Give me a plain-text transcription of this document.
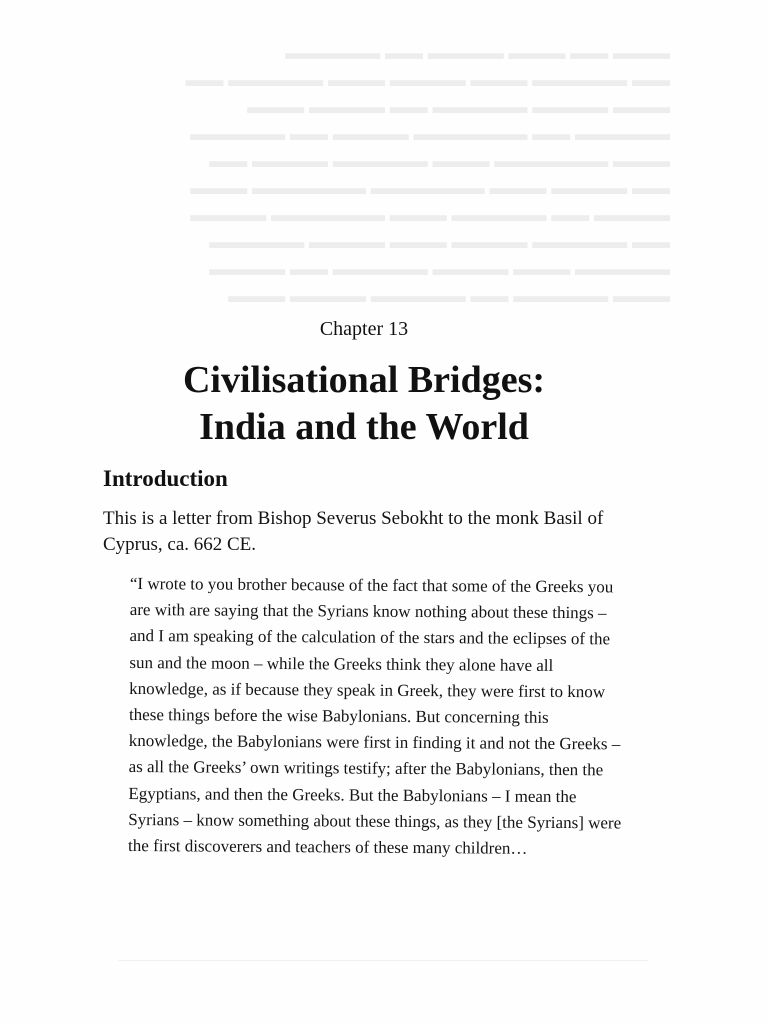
▬▬▬ ▬▬ ▬▬▬ ▬▬▬▬ ▬▬ ▬▬▬▬▬
▬▬ ▬▬▬▬▬ ▬▬▬ ▬▬▬▬ ▬▬▬ ▬▬▬▬▬ ▬▬
▬▬▬ ▬▬▬▬ ▬▬▬▬▬ ▬▬ ▬▬▬▬ ▬▬▬
▬▬▬▬▬ ▬▬ ▬▬▬▬▬▬ ▬▬▬▬ ▬▬ ▬▬▬▬▬
▬▬▬ ▬▬▬▬▬▬ ▬▬▬ ▬▬▬▬▬ ▬▬▬▬ ▬▬
▬▬ ▬▬▬▬ ▬▬▬ ▬▬▬▬▬▬ ▬▬▬▬▬▬ ▬▬▬
▬▬▬▬ ▬▬ ▬▬▬▬▬ ▬▬▬ ▬▬▬▬▬▬ ▬▬▬▬
▬▬ ▬▬▬▬▬ ▬▬▬▬ ▬▬▬ ▬▬▬▬ ▬▬▬▬▬
▬▬▬▬▬ ▬▬▬ ▬▬▬▬ ▬▬▬▬▬ ▬▬ ▬▬▬▬
▬▬▬ ▬▬▬▬▬ ▬▬ ▬▬▬▬▬ ▬▬▬▬ ▬▬▬
Chapter 13
Civilisational Bridges:
India and the World
Introduction

This is a letter from Bishop Severus Sebokht to the monk Basil of Cyprus, ca. 662 CE.

“I wrote to you brother because of the fact that some of the Greeks you are with are saying that the Syrians know nothing about these things – and I am speaking of the calculation of the stars and the eclipses of the sun and the moon – while the Greeks think they alone have all knowledge, as if because they speak in Greek, they were first to know these things before the wise Babylonians. But concerning this knowledge, the Babylonians were first in finding it and not the Greeks – as all the Greeks’ own writings testify; after the Babylonians, then the Egyptians, and then the Greeks. But the Babylonians – I mean the Syrians – know something about these things, as they [the Syrians] were the first discoverers and teachers of these many children…
